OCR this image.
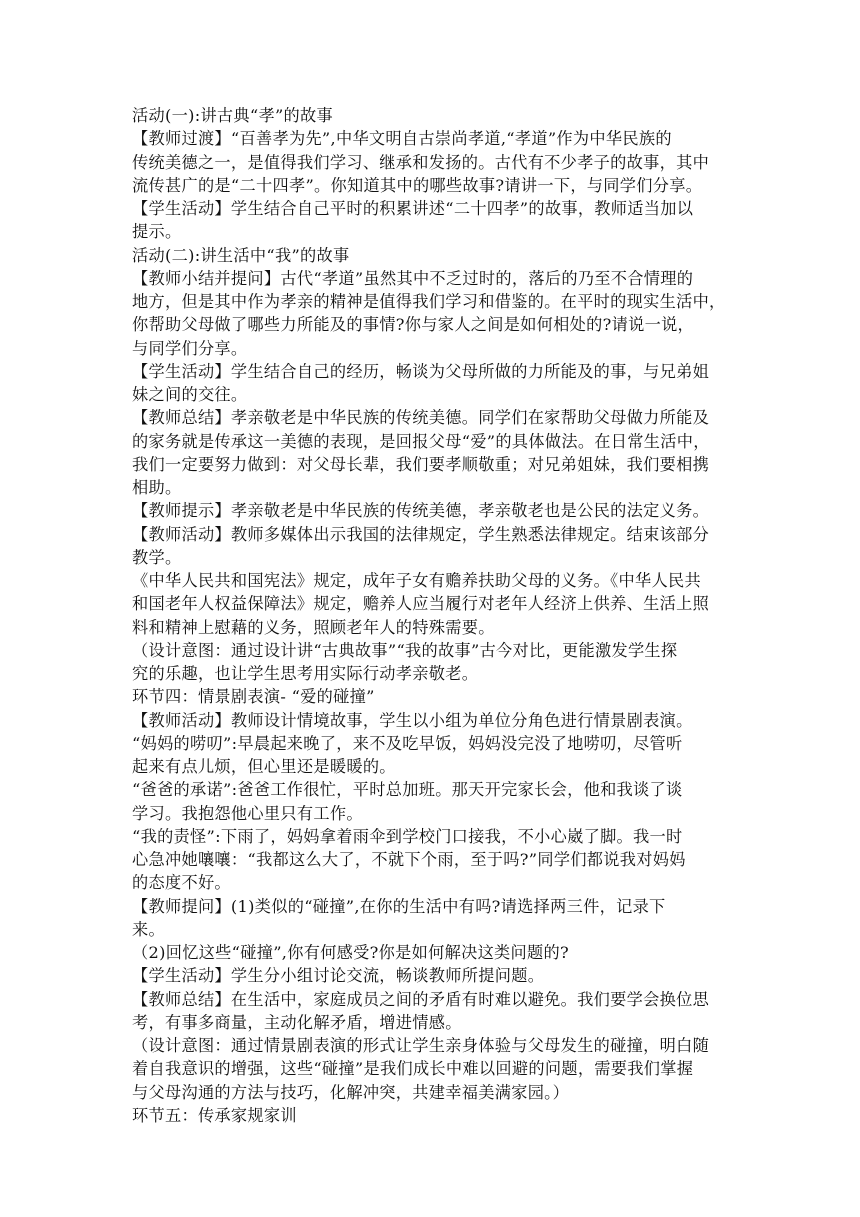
活动(一):讲古典“孝”的故事
【教师过渡】“百善孝为先”,中华文明自古崇尚孝道,“孝道”作为中华民族的
传统美德之一，是值得我们学习、继承和发扬的。古代有不少孝子的故事，其中
流传甚广的是“二十四孝”。你知道其中的哪些故事?请讲一下，与同学们分享。
【学生活动】学生结合自己平时的积累讲述“二十四孝”的故事，教师适当加以
提示。
活动(二):讲生活中“我”的故事
【教师小结并提问】古代“孝道”虽然其中不乏过时的，落后的乃至不合情理的
地方，但是其中作为孝亲的精神是值得我们学习和借鉴的。在平时的现实生活中，
你帮助父母做了哪些力所能及的事情?你与家人之间是如何相处的?请说一说，
与同学们分享。
【学生活动】学生结合自己的经历，畅谈为父母所做的力所能及的事，与兄弟姐
妹之间的交往。
【教师总结】孝亲敬老是中华民族的传统美德。同学们在家帮助父母做力所能及
的家务就是传承这一美德的表现，是回报父母“爱”的具体做法。在日常生活中，
我们一定要努力做到：对父母长辈，我们要孝顺敬重；对兄弟姐妹，我们要相携
相助。
【教师提示】孝亲敬老是中华民族的传统美德，孝亲敬老也是公民的法定义务。
【教师活动】教师多媒体出示我国的法律规定，学生熟悉法律规定。结束该部分
教学。
《中华人民共和国宪法》规定，成年子女有赡养扶助父母的义务。《中华人民共
和国老年人权益保障法》规定，赡养人应当履行对老年人经济上供养、生活上照
料和精神上慰藉的义务，照顾老年人的特殊需要。
（设计意图：通过设计讲“古典故事”“我的故事”古今对比，更能激发学生探
究的乐趣，也让学生思考用实际行动孝亲敬老。
环节四：情景剧表演- “爱的碰撞”
【教师活动】教师设计情境故事，学生以小组为单位分角色进行情景剧表演。
“妈妈的唠叨”:早晨起来晚了，来不及吃早饭，妈妈没完没了地唠叨，尽管听
起来有点儿烦，但心里还是暖暖的。
“爸爸的承诺”:爸爸工作很忙，平时总加班。那天开完家长会，他和我谈了谈
学习。我抱怨他心里只有工作。
“我的责怪”:下雨了，妈妈拿着雨伞到学校门口接我，不小心崴了脚。我一时
心急冲她嚷嚷：“我都这么大了，不就下个雨，至于吗?”同学们都说我对妈妈
的态度不好。
【教师提问】(1)类似的“碰撞”,在你的生活中有吗?请选择两三件，记录下
来。
（2)回忆这些“碰撞”,你有何感受?你是如何解决这类问题的?
【学生活动】学生分小组讨论交流，畅谈教师所提问题。
【教师总结】在生活中，家庭成员之间的矛盾有时难以避免。我们要学会换位思
考，有事多商量，主动化解矛盾，增进情感。
（设计意图：通过情景剧表演的形式让学生亲身体验与父母发生的碰撞，明白随
着自我意识的增强，这些“碰撞”是我们成长中难以回避的问题，需要我们掌握
与父母沟通的方法与技巧，化解冲突，共建幸福美满家园。）
环节五：传承家规家训
